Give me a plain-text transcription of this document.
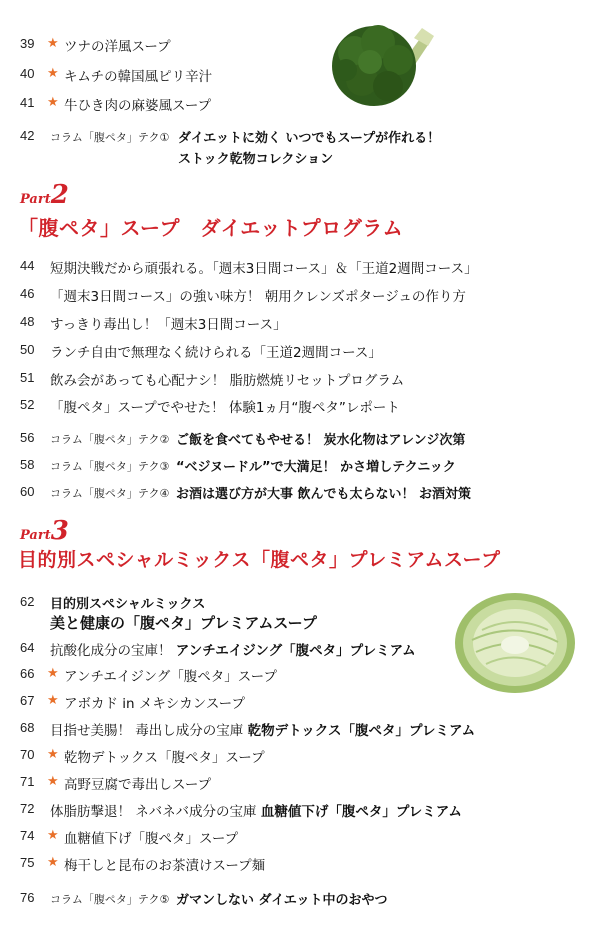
39 ★ ツナの洋風スープ
40 ★ キムチの韓国風ピリ辛汁
41 ★ 牛ひき肉の麻婆風スープ
42	コラム「腹ペタ」テク① ダイエットに効く いつでもスープが作れる！
ストック乾物コレクション
Part2
「腹ペタ」スープ　ダイエットプログラム
44	短期決戦だから頑張れる。「週末3日間コース」＆「王道2週間コース」
46	「週末3日間コース」の強い味方！ 朝用クレンズポタージュの作り方
48	すっきり毒出し！「週末3日間コース」
50	ランチ自由で無理なく続けられる「王道2週間コース」
51	飲み会があっても心配ナシ！ 脂肪燃焼リセットプログラム
52	「腹ペタ」スープでやせた！ 体験1ヵ月“腹ペタ”レポート
56	コラム「腹ペタ」テク② ご飯を食べてもやせる！ 炭水化物はアレンジ次第
58	コラム「腹ペタ」テク③ “ベジヌードル”で大満足！ かさ増しテクニック
60	コラム「腹ペタ」テク④ お酒は選び方が大事 飲んでも太らない！ お酒対策
Part3
目的別スペシャルミックス「腹ペタ」プレミアムスープ
62	目的別スペシャルミックス
美と健康の「腹ペタ」プレミアムスープ
64	抗酸化成分の宝庫！ アンチエイジング「腹ペタ」プレミアム
66 ★ アンチエイジング「腹ペタ」スープ
67 ★ アボカド in メキシカンスープ
68	目指せ美腸！ 毒出し成分の宝庫 乾物デトックス「腹ペタ」プレミアム
70 ★ 乾物デトックス「腹ペタ」スープ
71 ★ 高野豆腐で毒出しスープ
72	体脂肪撃退！ ネバネバ成分の宝庫 血糖値下げ「腹ペタ」プレミアム
74 ★ 血糖値下げ「腹ペタ」スープ
75 ★ 梅干しと昆布のお茶漬けスープ麺
76	コラム「腹ペタ」テク⑤ ガマンしない ダイエット中のおやつ
